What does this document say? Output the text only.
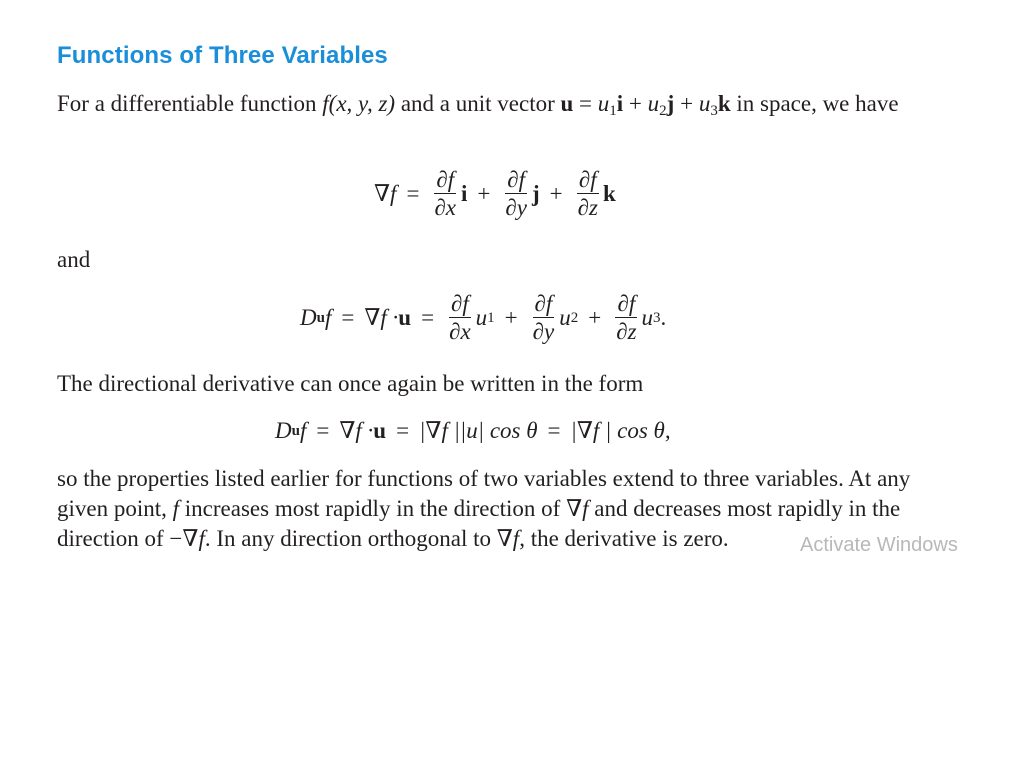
Functions of Three Variables

For a differentiable function f(x, y, z) and a unit vector $u = u_1i + u_2j + u_3k$ in space, we have

$\nabla f = \frac{\partial f}{\partial x}$ $i + \frac{\partial f}{\partial y}$ $j + \frac{\partial f}{\partial z}$ k

and

D u $f = \nabla f \cdot u = \frac{\partial f}{\partial x}$ u $1 + \frac{\partial f}{\partial y}$ u $2 + \frac{\partial f}{\partial z}$ u 3 .

The directional derivative can once again be written in the form

D u f = ∇f · u = |∇f ||u| cos θ = |∇f | cos θ,

so the properties listed earlier for functions of two variables extend to three variables. At any given point, f increases most rapidly in the direction of ∇f and decreases most rapidly in the direction of −∇f. In any direction orthogonal to ∇f, the derivative is zero.	Activate Windows
